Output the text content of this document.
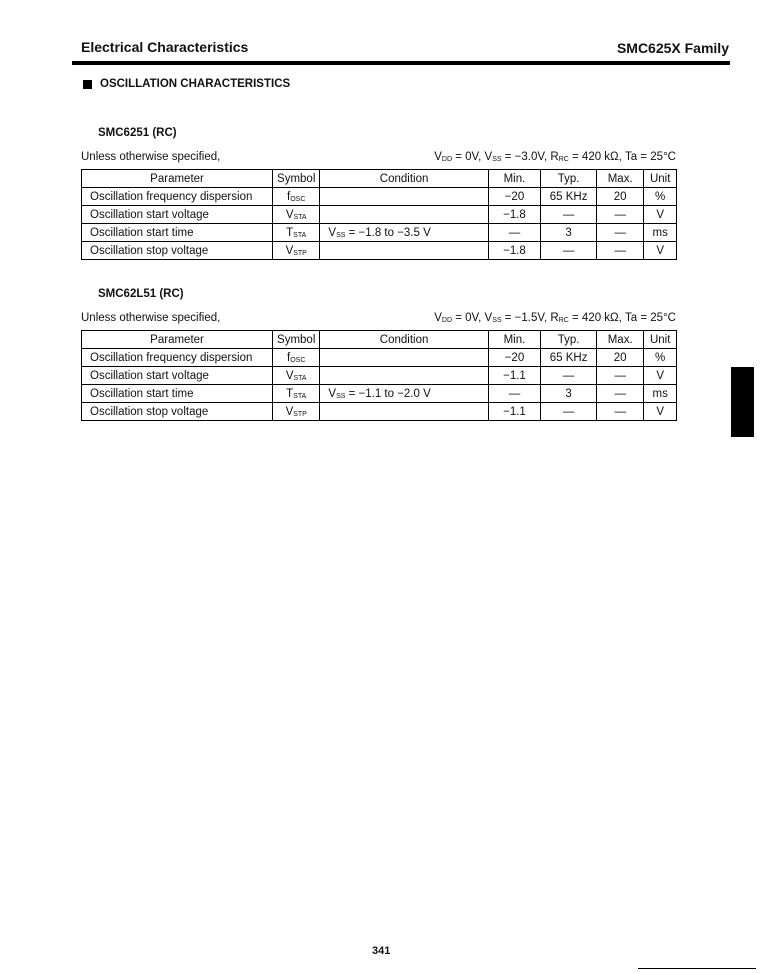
Electrical Characteristics	SMC625X Family
OSCILLATION CHARACTERISTICS
SMC6251 (RC)
Unless otherwise specified,	$V_{DD} = 0V$, $V_{SS} = -3.0V$, $R_{RC} = 420$ kΩ, Ta = 25°C
Parameter	Symbol	Condition	Min.	Typ.	Max.	Unit
Oscillation frequency dispersion	$f_{OSC}$		−20	65 KHz	20	%
Oscillation start voltage	$V_{STA}$		−1.8	—	—	V
Oscillation start time	$T_{STA}$	$V_{SS} = -1.8$ to −3.5 V	—	3	—	ms
Oscillation stop voltage	$V_{STP}$		−1.8	—	—	V
SMC62L51 (RC)
Unless otherwise specified,	$V_{DD} = 0V$, $V_{SS} = -1.5V$, $R_{RC} = 420$ kΩ, Ta = 25°C
Parameter	Symbol	Condition	Min.	Typ.	Max.	Unit
Oscillation frequency dispersion	$f_{OSC}$		−20	65 KHz	20	%
Oscillation start voltage	$V_{STA}$		−1.1	—	—	V
Oscillation start time	$T_{STA}$	$V_{SS} = -1.1$ to −2.0 V	—	3	—	ms
Oscillation stop voltage	$V_{STP}$		−1.1	—	—	V
341
